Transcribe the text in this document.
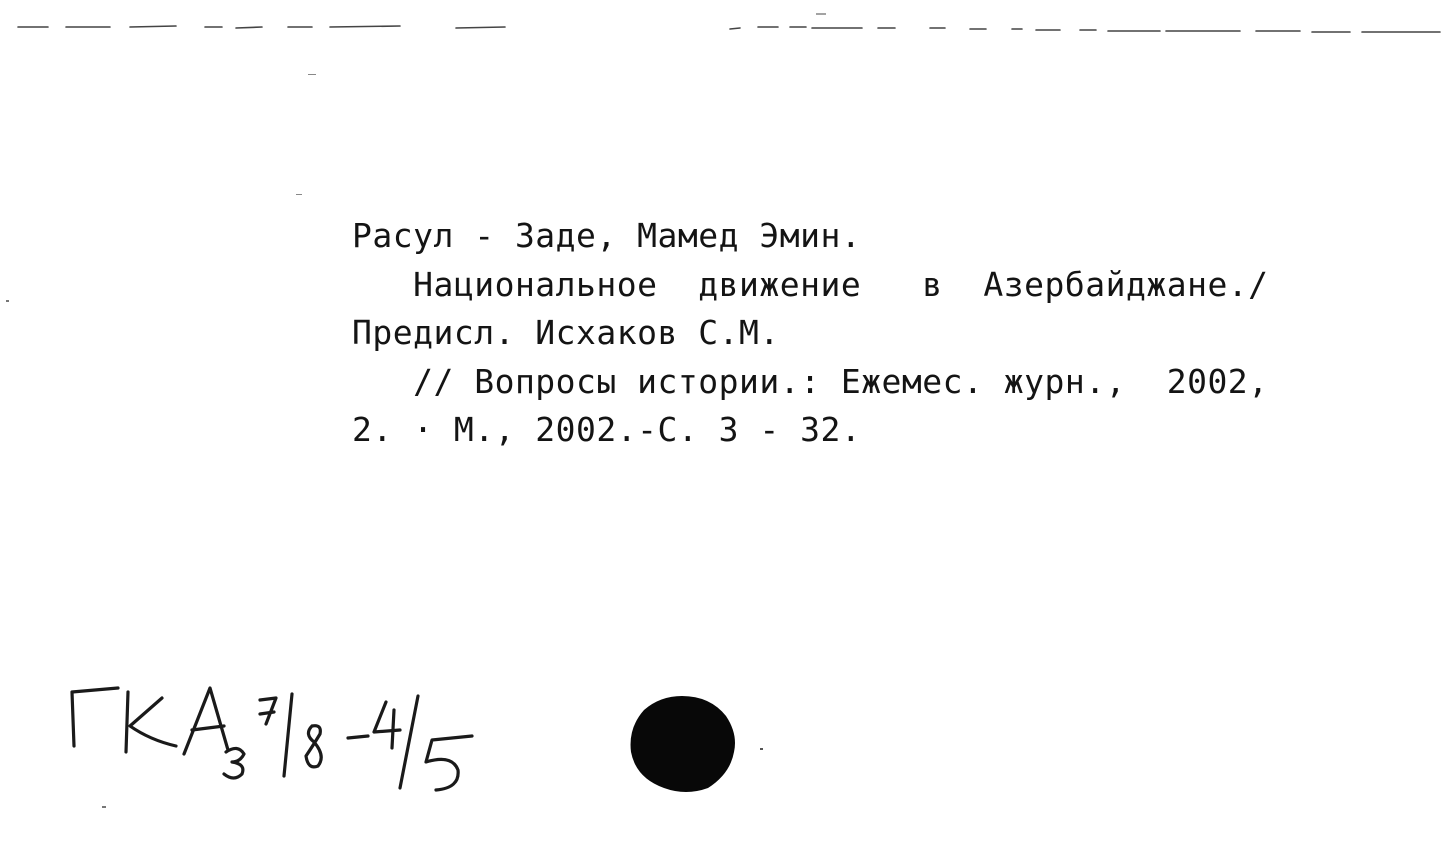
Расул - Заде, Мамед Эмин.
Национальное  движение   в  Азербайджане./
Предисл. Исхаков С.М.
// Вопросы истории.: Ежемес. журн.,  2002,
2. · М., 2002.-С. 3 - 32.
